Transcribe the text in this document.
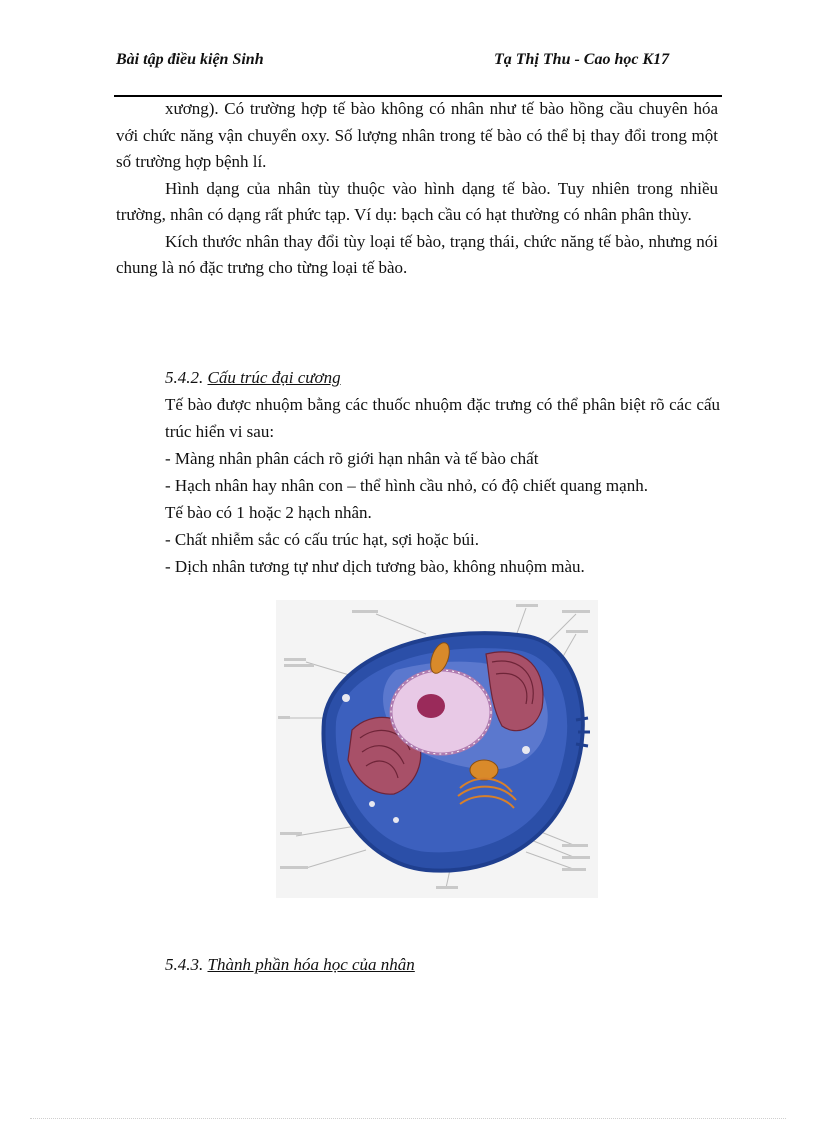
Bài tập điều kiện Sinh	Tạ Thị Thu - Cao học K17

xương). Có trường hợp tế bào không có nhân như tế bào hồng cầu chuyên hóa với chức năng vận chuyển oxy. Số lượng nhân trong tế bào có thể bị thay đổi trong một số trường hợp bệnh lí.

Hình dạng của nhân tùy thuộc vào hình dạng tế bào. Tuy nhiên trong nhiều trường, nhân có dạng rất phức tạp. Ví dụ: bạch cầu có hạt thường có nhân phân thùy.

Kích thước nhân thay đổi tùy loại tế bào, trạng thái, chức năng tế bào, nhưng nói chung là nó đặc trưng cho từng loại tế bào.

5.4.2. Cấu trúc đại cương

Tế bào được nhuộm bằng các thuốc nhuộm đặc trưng có thể phân biệt rõ các cấu trúc hiển vi sau:

- Màng nhân phân cách rõ giới hạn nhân và tế bào chất

- Hạch nhân hay nhân con – thể hình cầu nhỏ, có độ chiết quang mạnh.

Tế bào có 1 hoặc 2 hạch nhân.

- Chất nhiễm sắc có cấu trúc hạt, sợi hoặc búi.

- Dịch nhân tương tự như dịch tương bào, không nhuộm màu.

5.4.3. Thành phần hóa học của nhân
